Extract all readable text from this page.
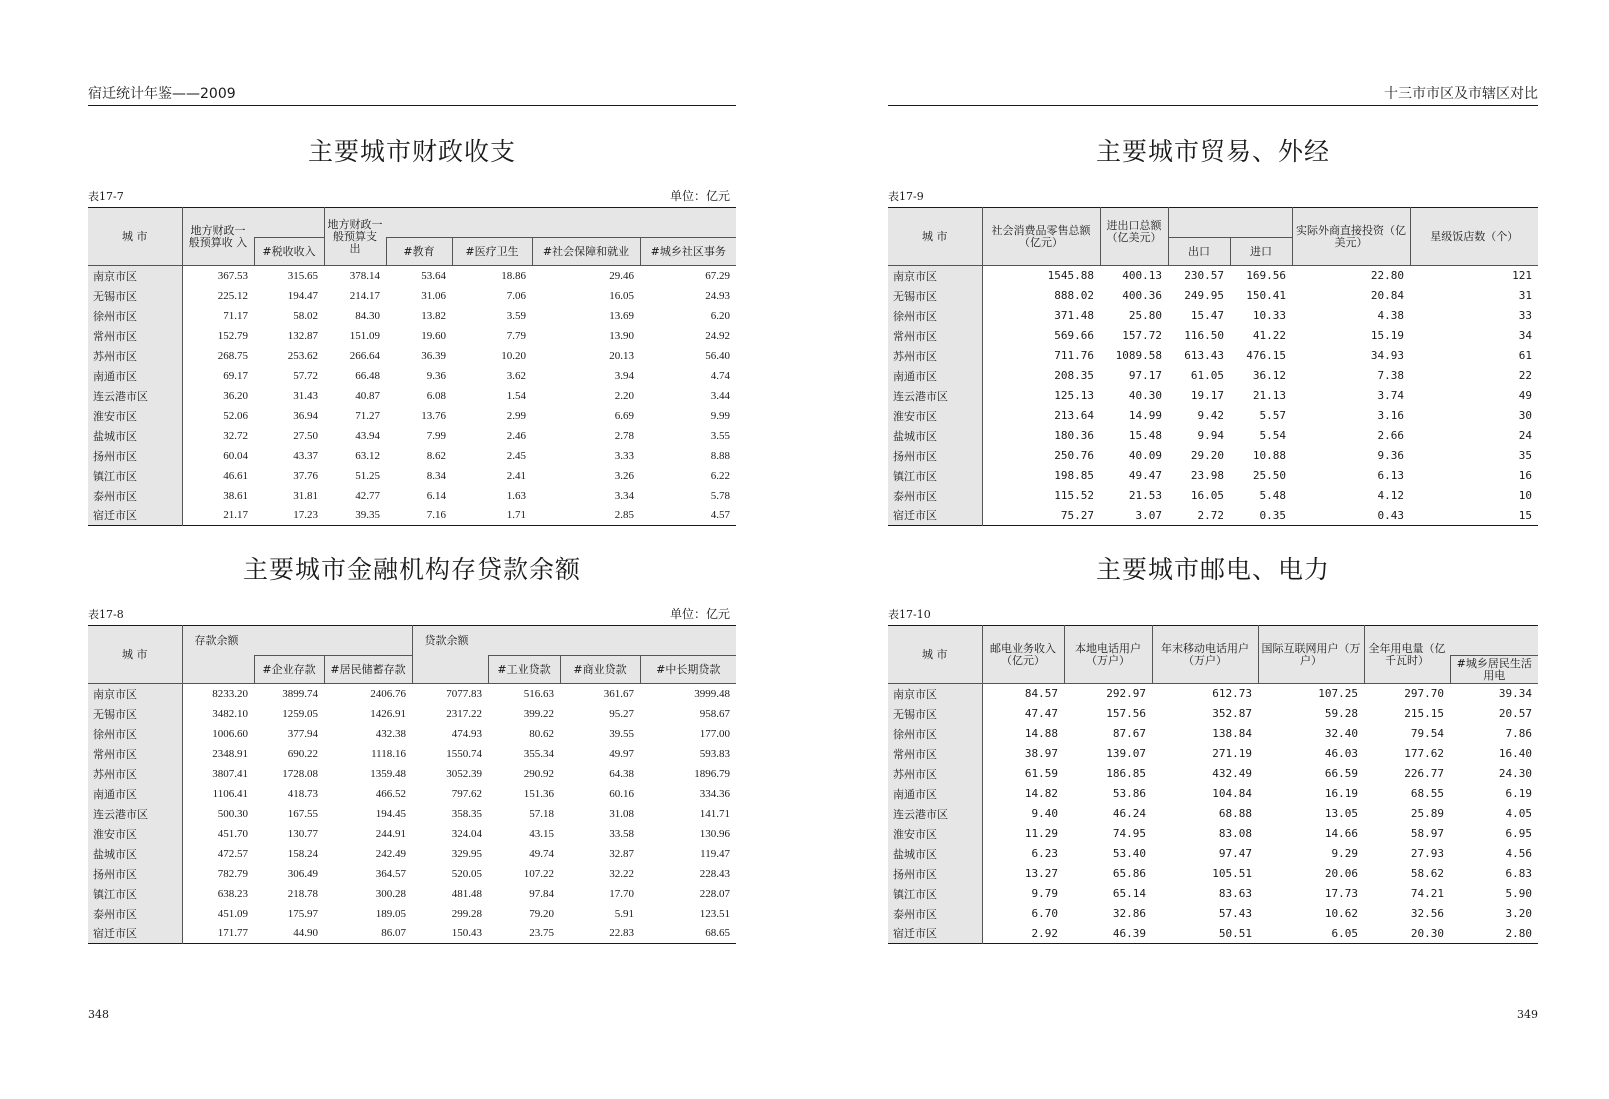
宿迁统计年鉴——2009
主要城市财政收支
表17-7	单位：亿元
城 市	地方财政一般预算收 入		地方财政一般预算支 出				
		#税收收入		#教育	#医疗卫生	#社会保障和就业	#城乡社区事务
南京市区	367.53	315.65	378.14	53.64	18.86	29.46	67.29
无锡市区	225.12	194.47	214.17	31.06	7.06	16.05	24.93
徐州市区	71.17	58.02	84.30	13.82	3.59	13.69	6.20
常州市区	152.79	132.87	151.09	19.60	7.79	13.90	24.92
苏州市区	268.75	253.62	266.64	36.39	10.20	20.13	56.40
南通市区	69.17	57.72	66.48	9.36	3.62	3.94	4.74
连云港市区	36.20	31.43	40.87	6.08	1.54	2.20	3.44
淮安市区	52.06	36.94	71.27	13.76	2.99	6.69	9.99
盐城市区	32.72	27.50	43.94	7.99	2.46	2.78	3.55
扬州市区	60.04	43.37	63.12	8.62	2.45	3.33	8.88
镇江市区	46.61	37.76	51.25	8.34	2.41	3.26	6.22
泰州市区	38.61	31.81	42.77	6.14	1.63	3.34	5.78
宿迁市区	21.17	17.23	39.35	7.16	1.71	2.85	4.57
主要城市金融机构存贷款余额
表17-8	单位：亿元
城 市	存款余额			贷款余额			
		#企业存款	#居民储蓄存款		#工业贷款	#商业贷款	#中长期贷款
南京市区	8233.20	3899.74	2406.76	7077.83	516.63	361.67	3999.48
无锡市区	3482.10	1259.05	1426.91	2317.22	399.22	95.27	958.67
徐州市区	1006.60	377.94	432.38	474.93	80.62	39.55	177.00
常州市区	2348.91	690.22	1118.16	1550.74	355.34	49.97	593.83
苏州市区	3807.41	1728.08	1359.48	3052.39	290.92	64.38	1896.79
南通市区	1106.41	418.73	466.52	797.62	151.36	60.16	334.36
连云港市区	500.30	167.55	194.45	358.35	57.18	31.08	141.71
淮安市区	451.70	130.77	244.91	324.04	43.15	33.58	130.96
盐城市区	472.57	158.24	242.49	329.95	49.74	32.87	119.47
扬州市区	782.79	306.49	364.57	520.05	107.22	32.22	228.43
镇江市区	638.23	218.78	300.28	481.48	97.84	17.70	228.07
泰州市区	451.09	175.97	189.05	299.28	79.20	5.91	123.51
宿迁市区	171.77	44.90	86.07	150.43	23.75	22.83	68.65
348
十三市市区及市辖区对比
主要城市贸易、外经
表17-9
城 市	社会消费品零售总额（亿元）	进出口总额（亿美元）			实际外商直接投资（亿美元）	星级饭店数（个）
			出口	进口		
南京市区	1545.88	400.13	230.57	169.56	22.80	121
无锡市区	888.02	400.36	249.95	150.41	20.84	31
徐州市区	371.48	25.80	15.47	10.33	4.38	33
常州市区	569.66	157.72	116.50	41.22	15.19	34
苏州市区	711.76	1089.58	613.43	476.15	34.93	61
南通市区	208.35	97.17	61.05	36.12	7.38	22
连云港市区	125.13	40.30	19.17	21.13	3.74	49
淮安市区	213.64	14.99	9.42	5.57	3.16	30
盐城市区	180.36	15.48	9.94	5.54	2.66	24
扬州市区	250.76	40.09	29.20	10.88	9.36	35
镇江市区	198.85	49.47	23.98	25.50	6.13	16
泰州市区	115.52	21.53	16.05	5.48	4.12	10
宿迁市区	75.27	3.07	2.72	0.35	0.43	15
主要城市邮电、电力
表17-10
城 市	邮电业务收入（亿元）	本地电话用户（万户）	年末移动电话用户（万户）	国际互联网用户（万户）	全年用电量（亿千瓦时）	
						#城乡居民生活用电
南京市区	84.57	292.97	612.73	107.25	297.70	39.34
无锡市区	47.47	157.56	352.87	59.28	215.15	20.57
徐州市区	14.88	87.67	138.84	32.40	79.54	7.86
常州市区	38.97	139.07	271.19	46.03	177.62	16.40
苏州市区	61.59	186.85	432.49	66.59	226.77	24.30
南通市区	14.82	53.86	104.84	16.19	68.55	6.19
连云港市区	9.40	46.24	68.88	13.05	25.89	4.05
淮安市区	11.29	74.95	83.08	14.66	58.97	6.95
盐城市区	6.23	53.40	97.47	9.29	27.93	4.56
扬州市区	13.27	65.86	105.51	20.06	58.62	6.83
镇江市区	9.79	65.14	83.63	17.73	74.21	5.90
泰州市区	6.70	32.86	57.43	10.62	32.56	3.20
宿迁市区	2.92	46.39	50.51	6.05	20.30	2.80
349
